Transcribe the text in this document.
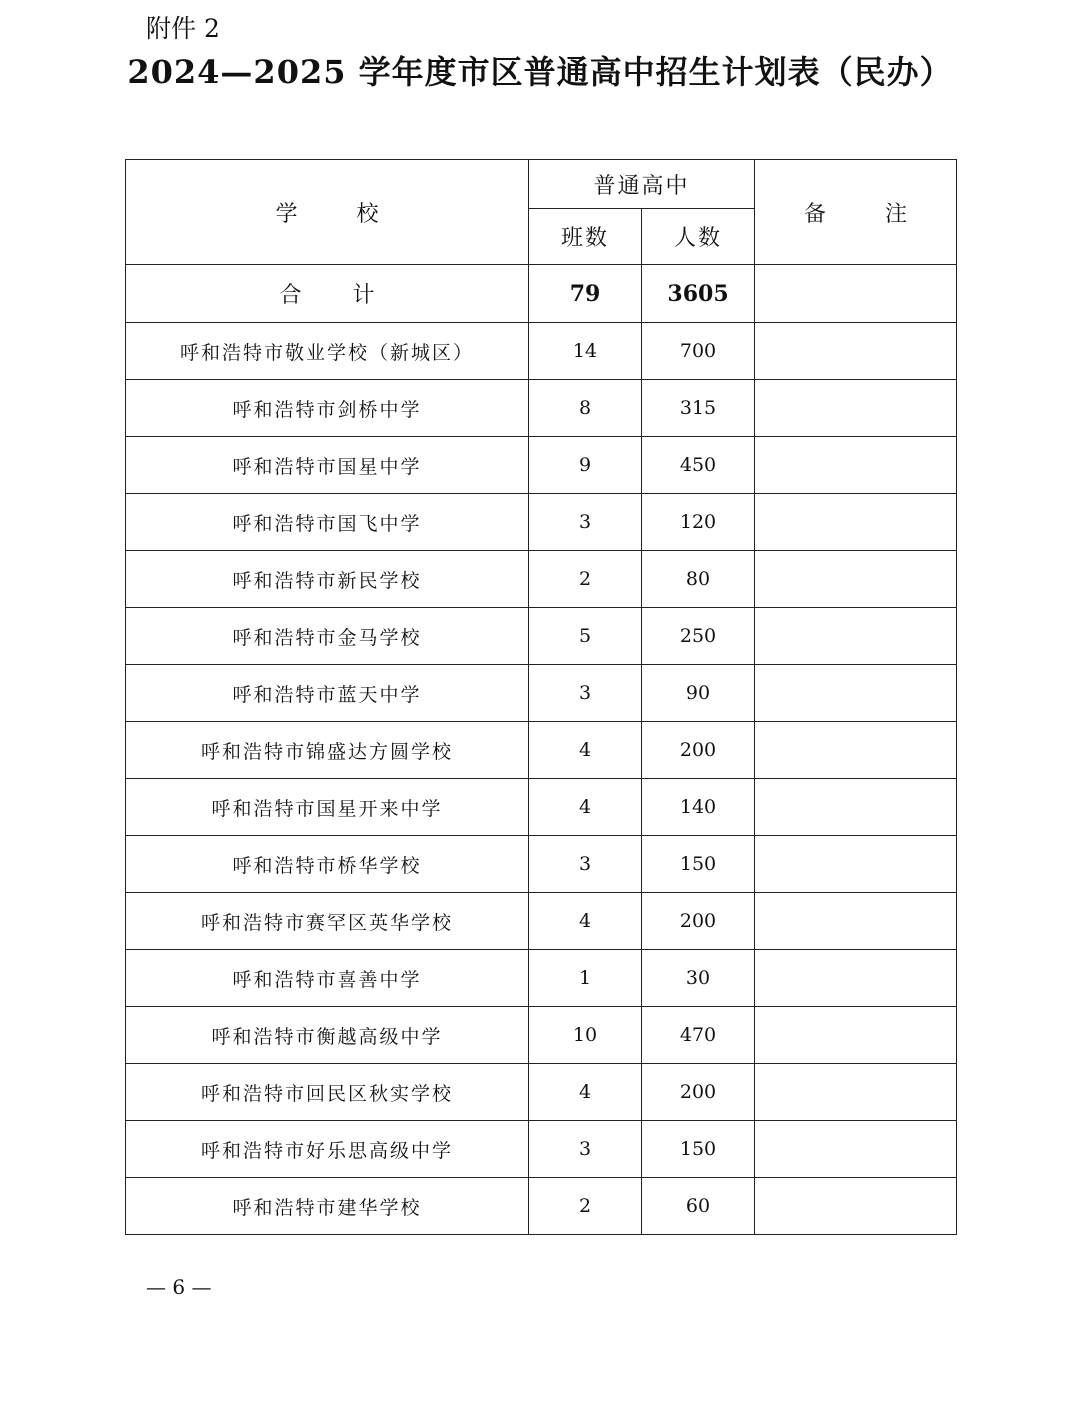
附件 2
2024—2025 学年度市区普通高中招生计划表（民办）
学 校	普通高中		备 注
	班数	人数	
合 计	79	3605	
呼和浩特市敬业学校（新城区）	14	700	
呼和浩特市剑桥中学	8	315	
呼和浩特市国星中学	9	450	
呼和浩特市国飞中学	3	120	
呼和浩特市新民学校	2	80	
呼和浩特市金马学校	5	250	
呼和浩特市蓝天中学	3	90	
呼和浩特市锦盛达方圆学校	4	200	
呼和浩特市国星开来中学	4	140	
呼和浩特市桥华学校	3	150	
呼和浩特市赛罕区英华学校	4	200	
呼和浩特市喜善中学	1	30	
呼和浩特市衡越高级中学	10	470	
呼和浩特市回民区秋实学校	4	200	
呼和浩特市好乐思高级中学	3	150	
呼和浩特市建华学校	2	60	
— 6 —
